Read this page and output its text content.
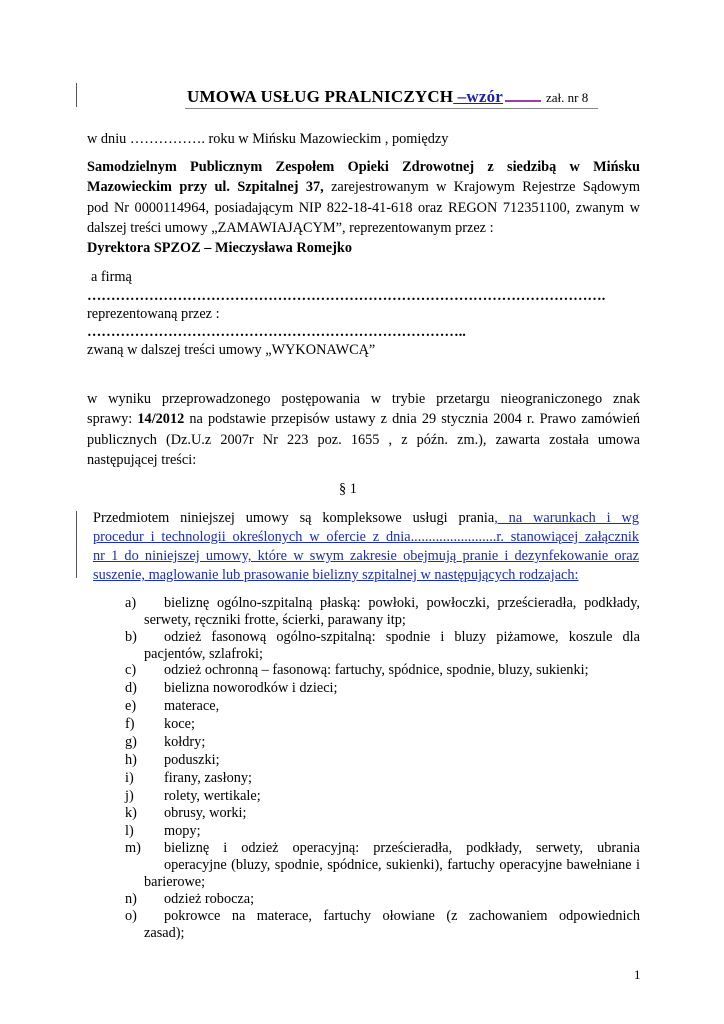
UMOWA USŁUG PRALNICZYCH –wzór	zał. nr 8
w dniu ……………. roku w Mińsku Mazowieckim , pomiędzy
Samodzielnym Publicznym Zespołem Opieki Zdrowotnej z siedzibą w Mińsku
Mazowieckim przy ul. Szpitalnej 37, zarejestrowanym w Krajowym Rejestrze Sądowym
pod Nr 0000114964, posiadającym NIP 822-18-41-618 oraz REGON 712351100, zwanym w
dalszej treści umowy „ZAMAWIAJĄCYM”, reprezentowanym przez :
Dyrektora SPZOZ – Mieczysława Romejko
a firmą
……………………………………………………………………………………………….
reprezentowaną przez :
……………………………………………………………………..
zwaną w dalszej treści umowy „WYKONAWCĄ”
w wyniku przeprowadzonego postępowania w trybie przetargu nieograniczonego znak
sprawy: 14/2012 na podstawie przepisów ustawy z dnia 29 stycznia 2004 r. Prawo zamówień
publicznych (Dz.U.z 2007r Nr 223 poz. 1655 , z późn. zm.), zawarta została umowa
następującej treści:
§ 1
Przedmiotem niniejszej umowy są kompleksowe usługi prania, na warunkach i wg
procedur i technologii określonych w ofercie z dnia........................r. stanowiącej załącznik
nr 1 do niniejszej umowy, które w swym zakresie obejmują pranie i dezynfekowanie oraz
suszenie, maglowanie lub prasowanie bielizny szpitalnej w następujących rodzajach:
a) bieliznę ogólno-szpitalną płaską: powłoki, powłoczki, prześcieradła, podkłady,
serwety, ręczniki frotte, ścierki, parawany itp;
b) odzież fasonową ogólno-szpitalną: spodnie i bluzy piżamowe, koszule dla
pacjentów, szlafroki;
c) odzież ochronną – fasonową: fartuchy, spódnice, spodnie, bluzy, sukienki;
d) bielizna noworodków i dzieci;
e) materace,
f) koce;
g) kołdry;
h) poduszki;
i) firany, zasłony;
j) rolety, wertikale;
k) obrusy, worki;
l) mopy;
m) bieliznę i odzież operacyjną: prześcieradła, podkłady, serwety, ubrania
operacyjne (bluzy, spodnie, spódnice, sukienki), fartuchy operacyjne bawełniane i
barierowe;
n) odzież robocza;
o) pokrowce na materace, fartuchy ołowiane (z zachowaniem odpowiednich
zasad);
1
